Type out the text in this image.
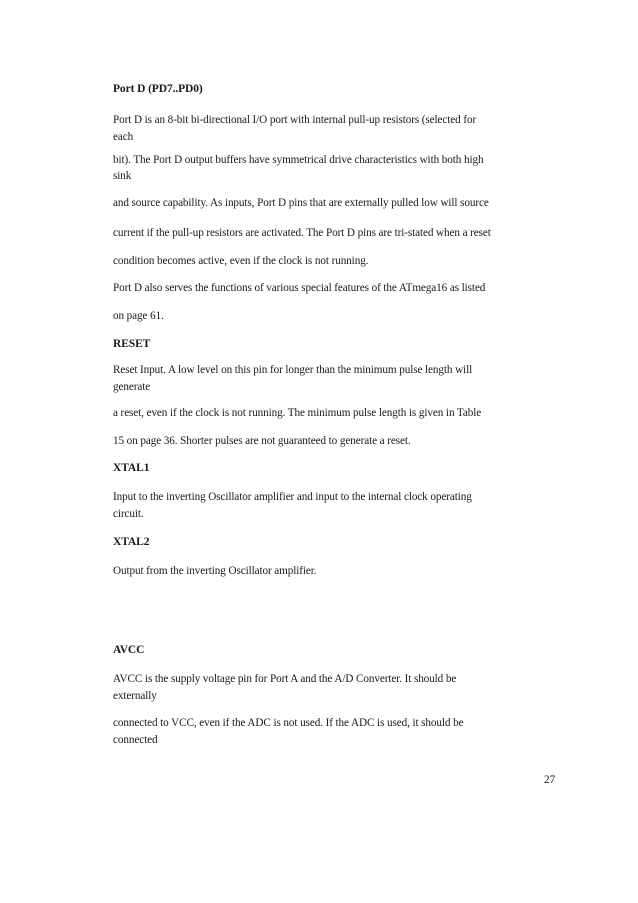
Port D (PD7..PD0)
Port D is an 8-bit bi-directional I/O port with internal pull-up resistors (selected for
each
bit). The Port D output buffers have symmetrical drive characteristics with both high
sink
and source capability. As inputs, Port D pins that are externally pulled low will source
current if the pull-up resistors are activated. The Port D pins are tri-stated when a reset
condition becomes active, even if the clock is not running.
Port D also serves the functions of various special features of the ATmega16 as listed
on page 61.
RESET
Reset Input. A low level on this pin for longer than the minimum pulse length will
generate
a reset, even if the clock is not running. The minimum pulse length is given in Table
15 on page 36. Shorter pulses are not guaranteed to generate a reset.
XTAL1
Input to the inverting Oscillator amplifier and input to the internal clock operating
circuit.
XTAL2
Output from the inverting Oscillator amplifier.
AVCC
AVCC is the supply voltage pin for Port A and the A/D Converter. It should be
externally
connected to VCC, even if the ADC is not used. If the ADC is used, it should be
connected
27
